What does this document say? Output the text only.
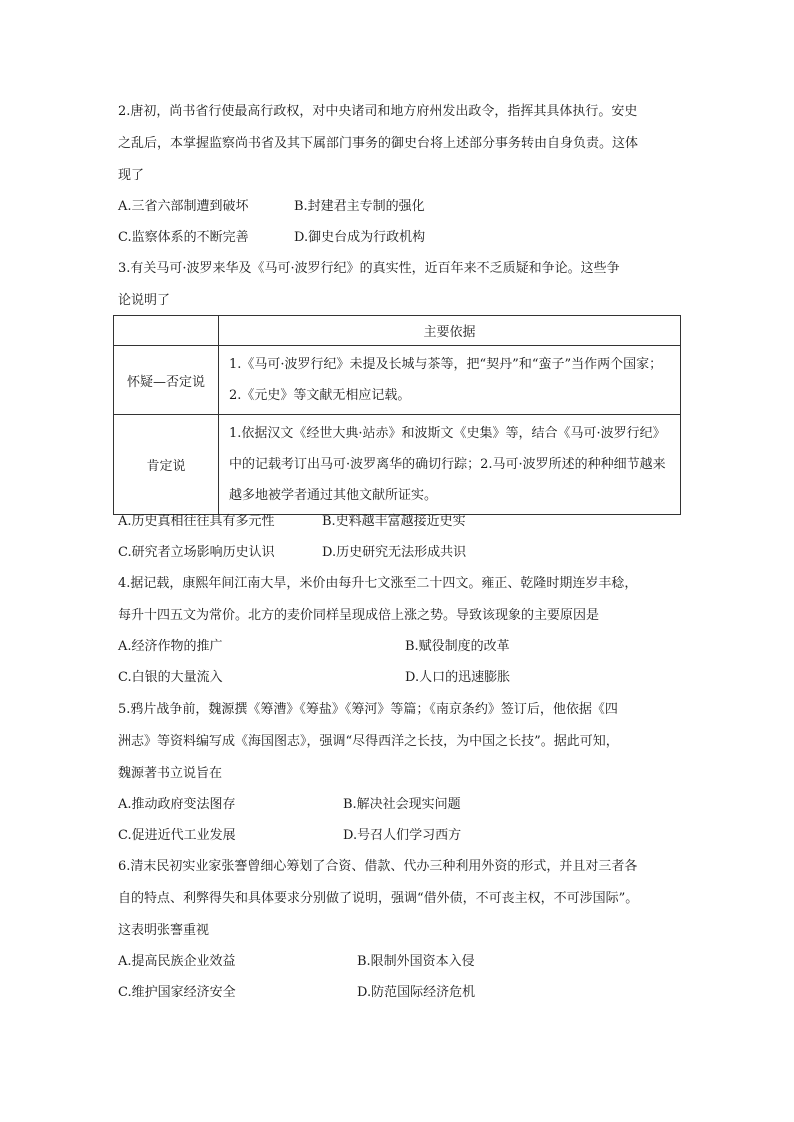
2.唐初，尚书省行使最高行政权，对中央诸司和地方府州发出政令，指挥其具体执行。安史
之乱后，本掌握监察尚书省及其下属部门事务的御史台将上述部分事务转由自身负责。这体
现了
A.三省六部制遭到破坏	B.封建君主专制的强化
C.监察体系的不断完善	D.御史台成为行政机构
3.有关马可·波罗来华及《马可·波罗行纪》的真实性，近百年来不乏质疑和争论。这些争
论说明了
	主要依据
怀疑—否定说	1.《马可·波罗行纪》未提及长城与茶等，把“契丹”和“蛮子”当作两个国家；2.《元史》等文献无相应记载。
肯定说	1.依据汉文《经世大典·站赤》和波斯文《史集》等，结合《马可·波罗行纪》中的记载考订出马可·波罗离华的确切行踪；2.马可·波罗所述的种种细节越来越多地被学者通过其他文献所证实。
A.历史真相往往具有多元性	B.史料越丰富越接近史实
C.研究者立场影响历史认识	D.历史研究无法形成共识
4.据记载，康熙年间江南大旱，米价由每升七文涨至二十四文。雍正、乾隆时期连岁丰稔，
每升十四五文为常价。北方的麦价同样呈现成倍上涨之势。导致该现象的主要原因是
A.经济作物的推广	B.赋役制度的改革
C.白银的大量流入	D.人口的迅速膨胀
5.鸦片战争前，魏源撰《筹漕》《筹盐》《筹河》等篇；《南京条约》签订后，他依据《四
洲志》等资料编写成《海国图志》，强调“尽得西洋之长技，为中国之长技”。据此可知，
魏源著书立说旨在
A.推动政府变法图存	B.解决社会现实问题
C.促进近代工业发展	D.号召人们学习西方
6.清末民初实业家张謇曾细心筹划了合资、借款、代办三种利用外资的形式，并且对三者各
自的特点、利弊得失和具体要求分别做了说明，强调“借外债，不可丧主权，不可涉国际”。
这表明张謇重视
A.提高民族企业效益	B.限制外国资本入侵
C.维护国家经济安全	D.防范国际经济危机
